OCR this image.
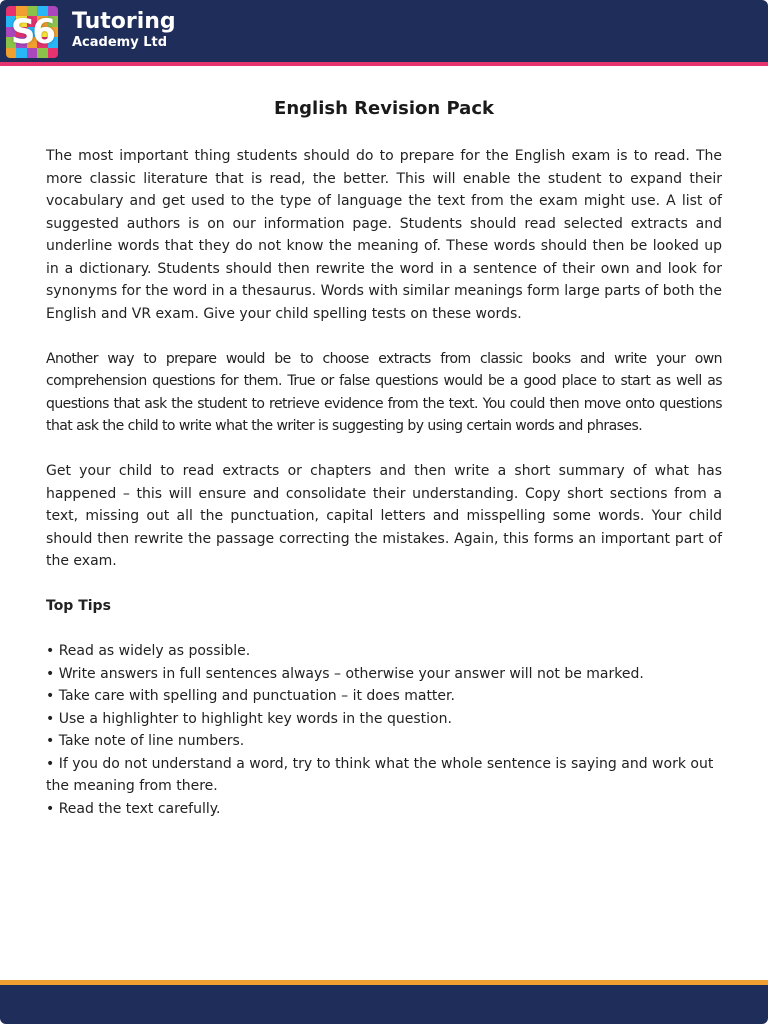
S6 Tutoring
Academy Ltd
English Revision Pack

The most important thing students should do to prepare for the English exam is to read. The more classic literature that is read, the better. This will enable the student to expand their vocabulary and get used to the type of language the text from the exam might use. A list of suggested authors is on our information page. Students should read selected extracts and underline words that they do not know the meaning of. These words should then be looked up in a dictionary. Students should then rewrite the word in a sentence of their own and look for synonyms for the word in a thesaurus. Words with similar meanings form large parts of both the English and VR exam. Give your child spelling tests on these words.

Another way to prepare would be to choose extracts from classic books and write your own comprehension questions for them. True or false questions would be a good place to start as well as questions that ask the student to retrieve evidence from the text. You could then move onto questions that ask the child to write what the writer is suggesting by using certain words and phrases.

Get your child to read extracts or chapters and then write a short summary of what has happened – this will ensure and consolidate their understanding. Copy short sections from a text, missing out all the punctuation, capital letters and misspelling some words. Your child should then rewrite the passage correcting the mistakes. Again, this forms an important part of the exam.

Top Tips

• Read as widely as possible.
• Write answers in full sentences always – otherwise your answer will not be marked.
• Take care with spelling and punctuation – it does matter.
• Use a highlighter to highlight key words in the question.
• Take note of line numbers.
• If you do not understand a word, try to think what the whole sentence is saying and work out the meaning from there.
• Read the text carefully.
